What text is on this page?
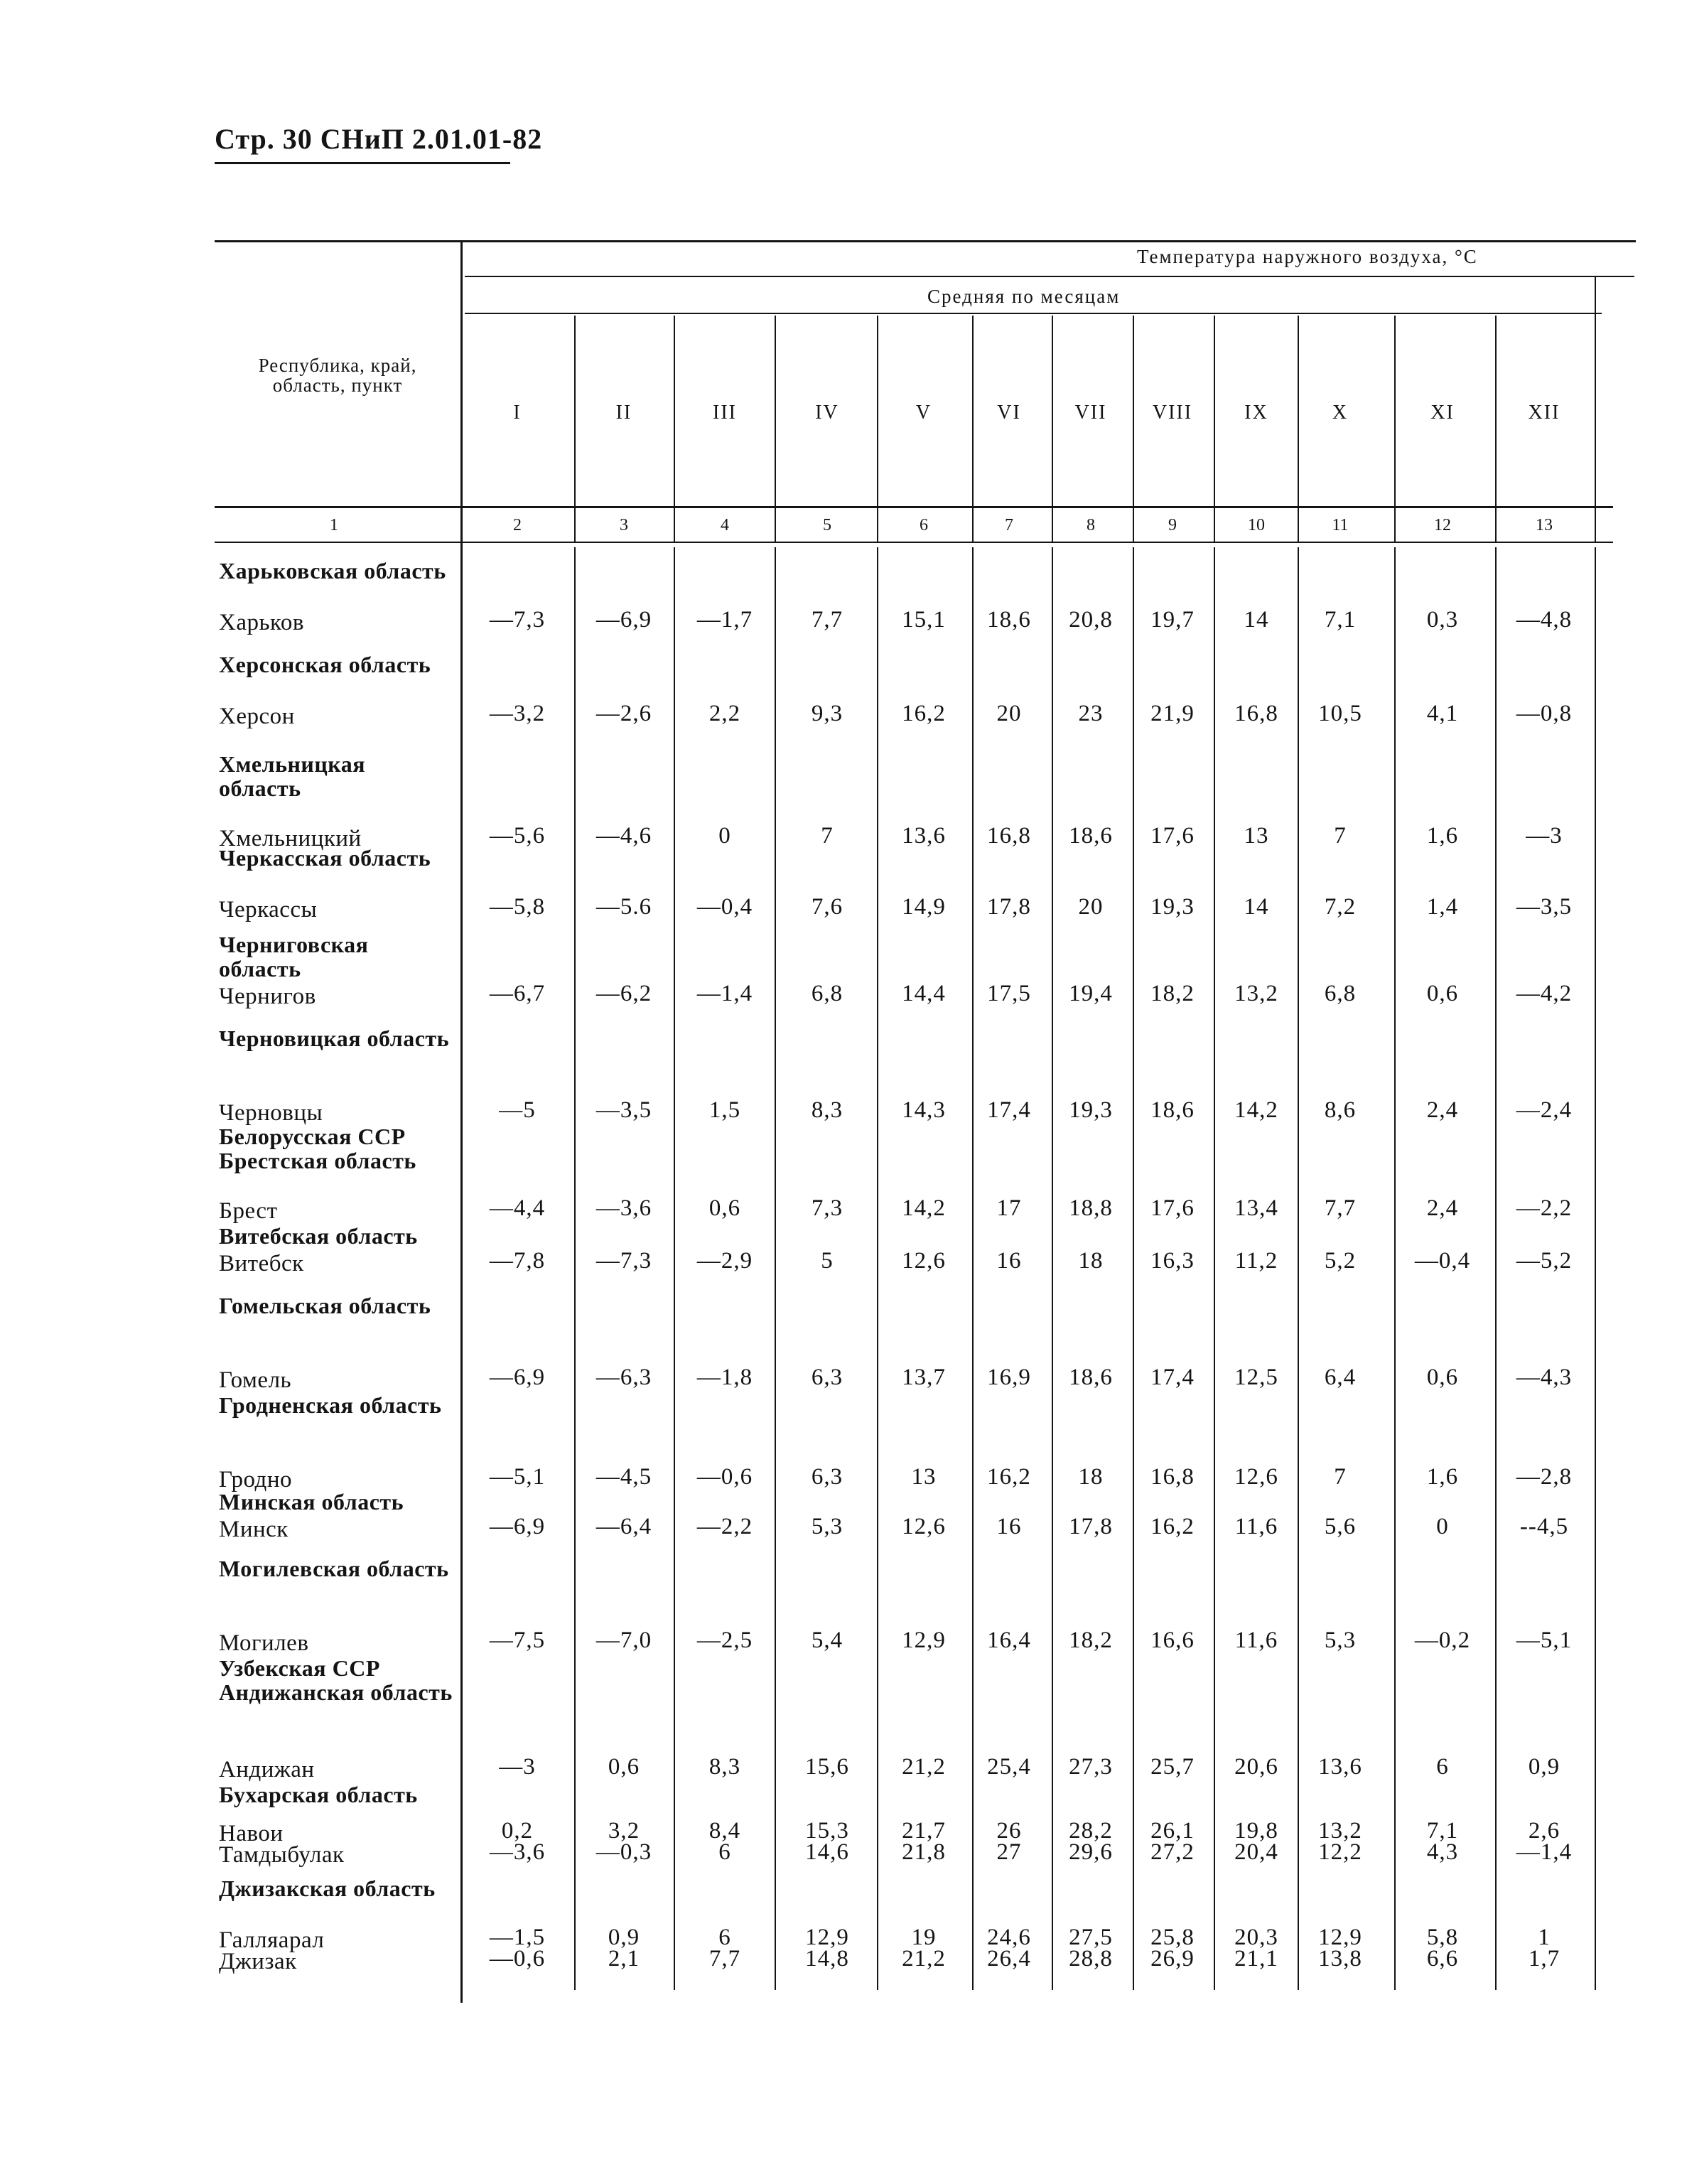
Стр. 30 СНиП 2.01.01-82
Температура наружного воздуха, °С
Средняя по месяцам
Республика, край, область, пункт
I	II	III	IV	V	VI	VII	VIII	IX	X	XI	XII
1	2	3	4	5	6	7	8	9	10	11	12	13
Харьковская область
Харьков	—7,3	—6,9	—1,7	7,7	15,1	18,6	20,8	19,7	14	7,1	0,3	—4,8
Херсонская область
Херсон	—3,2	—2,6	2,2	9,3	16,2	20	23	21,9	16,8	10,5	4,1	—0,8
Хмельницкая область
Хмельницкий	—5,6	—4,6	0	7	13,6	16,8	18,6	17,6	13	7	1,6	—3
Черкасская область
Черкассы	—5,8	—5.6	—0,4	7,6	14,9	17,8	20	19,3	14	7,2	1,4	—3,5
Черниговская область
Чернигов	—6,7	—6,2	—1,4	6,8	14,4	17,5	19,4	18,2	13,2	6,8	0,6	—4,2
Черновицкая область
Черновцы	—5	—3,5	1,5	8,3	14,3	17,4	19,3	18,6	14,2	8,6	2,4	—2,4
Белорусская ССР Брестская область
Брест	—4,4	—3,6	0,6	7,3	14,2	17	18,8	17,6	13,4	7,7	2,4	—2,2
Витебская область
Витебск	—7,8	—7,3	—2,9	5	12,6	16	18	16,3	11,2	5,2	—0,4	—5,2
Гомельская область
Гомель	—6,9	—6,3	—1,8	6,3	13,7	16,9	18,6	17,4	12,5	6,4	0,6	—4,3
Гродненская область
Гродно	—5,1	—4,5	—0,6	6,3	13	16,2	18	16,8	12,6	7	1,6	—2,8
Минская область
Минск	—6,9	—6,4	—2,2	5,3	12,6	16	17,8	16,2	11,6	5,6	0	--4,5
Могилевская область
Могилев	—7,5	—7,0	—2,5	5,4	12,9	16,4	18,2	16,6	11,6	5,3	—0,2	—5,1
Узбекская ССР Андижанская область
Андижан	—3	0,6	8,3	15,6	21,2	25,4	27,3	25,7	20,6	13,6	6	0,9
Бухарская область
Навои	0,2	3,2	8,4	15,3	21,7	26	28,2	26,1	19,8	13,2	7,1	2,6
Тамдыбулак	—3,6	—0,3	6	14,6	21,8	27	29,6	27,2	20,4	12,2	4,3	—1,4
Джизакская область
Галляарал	—1,5	0,9	6	12,9	19	24,6	27,5	25,8	20,3	12,9	5,8	1
Джизак	—0,6	2,1	7,7	14,8	21,2	26,4	28,8	26,9	21,1	13,8	6,6	1,7
